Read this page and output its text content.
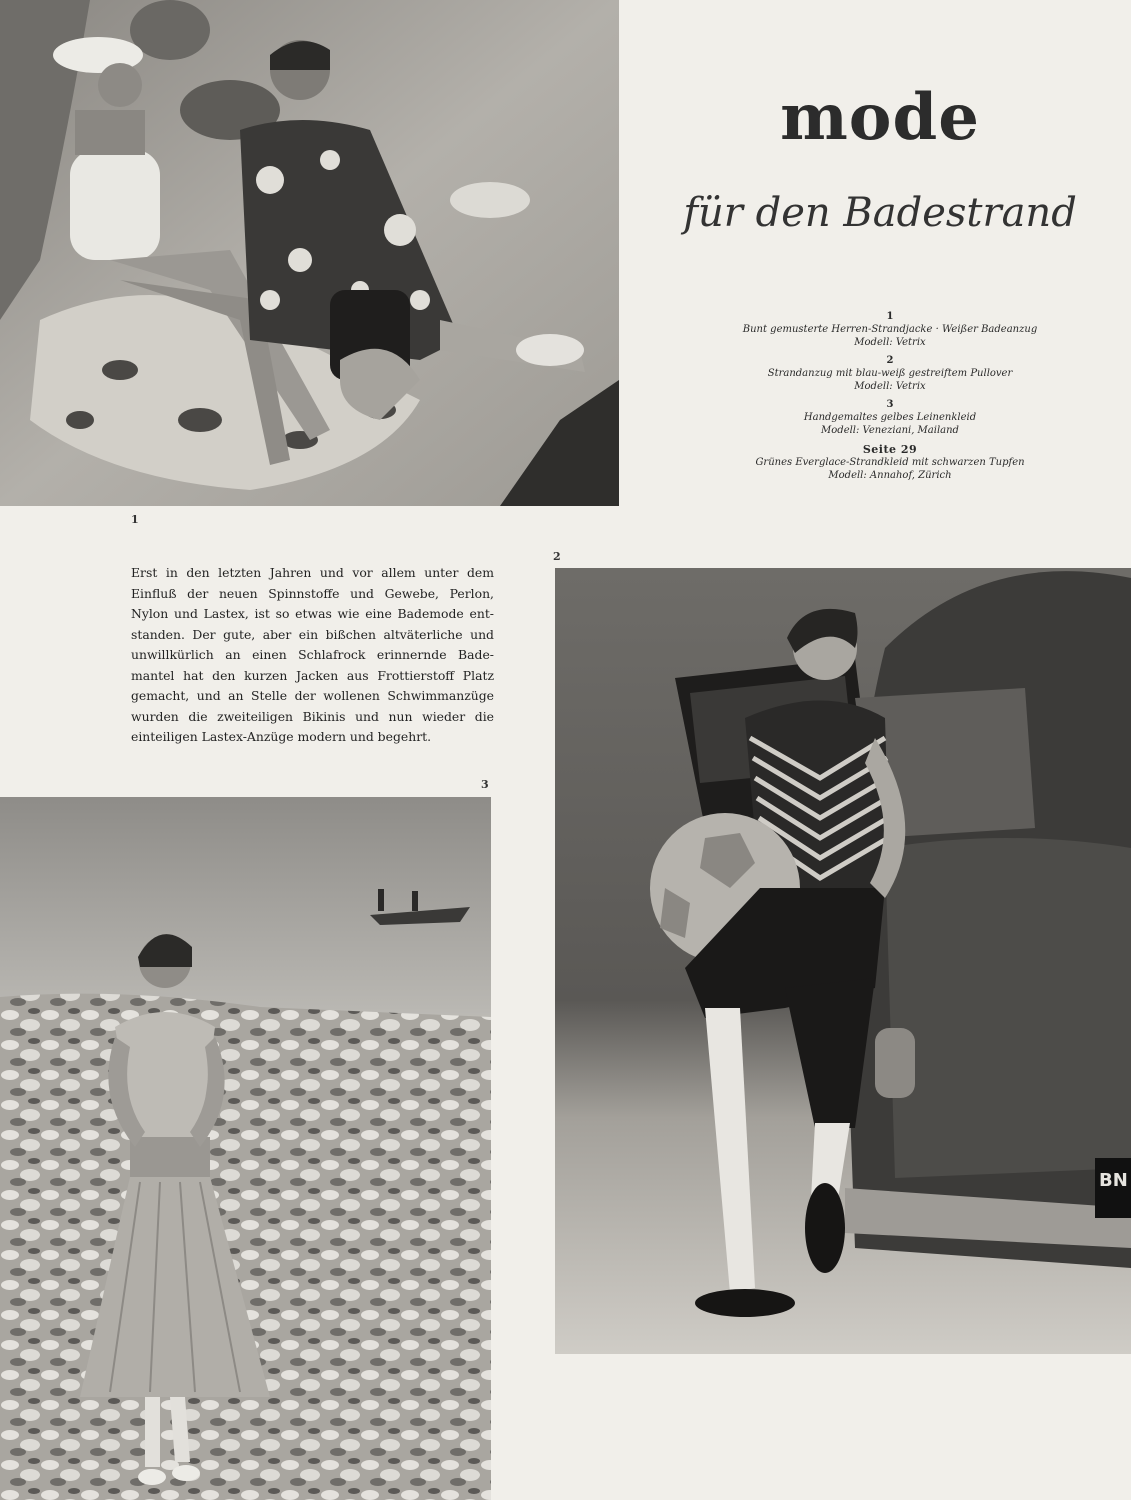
1
mode
für den Badestrand
1
Bunt gemusterte Herren-Strandjacke · Weißer Badeanzug
Modell: Vetrix
2
Strandanzug mit blau-weiß gestreiftem Pullover
Modell: Vetrix
3
Handgemaltes gelbes Leinenkleid
Modell: Veneziani, Mailand
Seite 29
Grünes Everglace-Strandkleid mit schwarzen Tupfen
Modell: Annahof, Zürich
Erst in den letzten Jahren und vor allem unter dem
Einfluß der neuen Spinnstoffe und Gewebe, Perlon,
Nylon und Lastex, ist so etwas wie eine Bademode ent-
standen. Der gute, aber ein bißchen altväterliche und
unwillkürlich an einen Schlafrock erinnernde Bade-
mantel hat den kurzen Jacken aus Frottierstoff Platz
gemacht, und an Stelle der wollenen Schwimmanzüge
wurden die zweiteiligen Bikinis und nun wieder die
einteiligen Lastex-Anzüge modern und begehrt.
2
BN
3
